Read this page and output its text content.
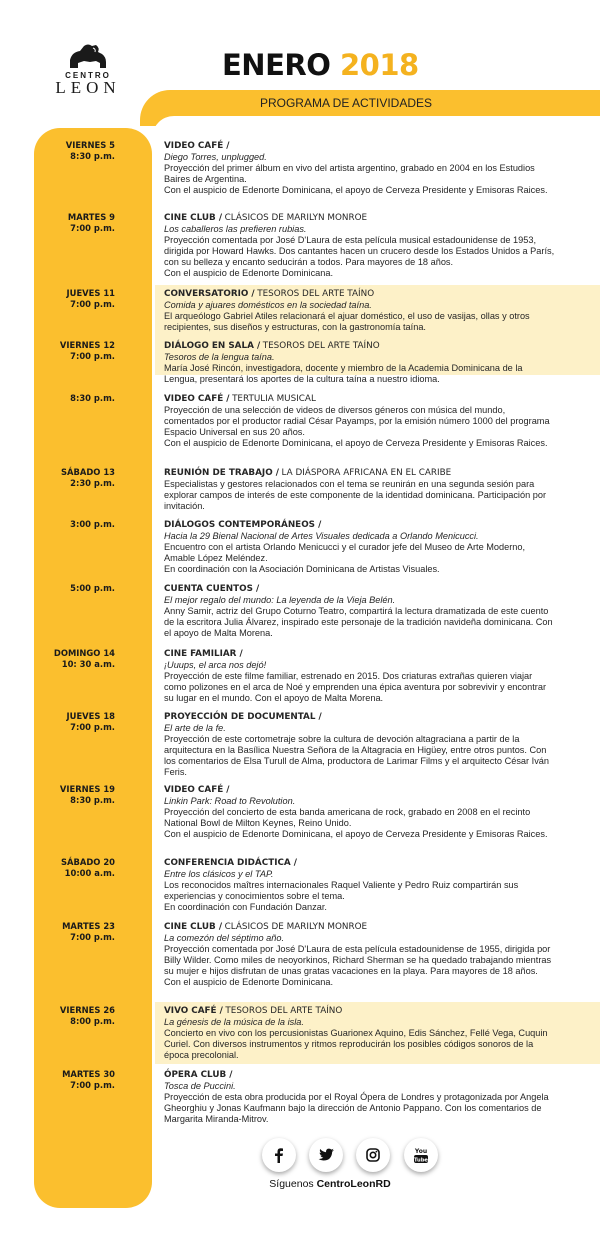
CENTRO
LEON
ENERO 2018
PROGRAMA DE ACTIVIDADES
VIERNES 5
8:30 p.m.
VIDEO CAFÉ /
Diego Torres, unplugged.
Proyección del primer álbum en vivo del artista argentino, grabado en 2004 en los Estudios Baires de Argentina.
Con el auspicio de Edenorte Dominicana, el apoyo de Cerveza Presidente y Emisoras Raices.
MARTES 9
7:00 p.m.
CINE CLUB / CLÁSICOS DE MARILYN MONROE
Los caballeros las prefieren rubias.
Proyección comentada por José D'Laura de esta película musical estadounidense de 1953, dirigida por Howard Hawks. Dos cantantes hacen un crucero desde los Estados Unidos a París, con su belleza y encanto seducirán a todos. Para mayores de 18 años.
Con el auspicio de Edenorte Dominicana.
JUEVES 11
7:00 p.m.
CONVERSATORIO / TESOROS DEL ARTE TAÍNO
Comida y ajuares domésticos en la sociedad taína.
El arqueólogo Gabriel Atiles relacionará el ajuar doméstico, el uso de vasijas, ollas y otros recipientes, sus diseños y estructuras, con la gastronomía taína.
VIERNES 12
7:00 p.m.
DIÁLOGO EN SALA / TESOROS DEL ARTE TAÍNO
Tesoros de la lengua taína.
María José Rincón, investigadora, docente y miembro de la Academia Dominicana de la Lengua, presentará los aportes de la cultura taína a nuestro idioma.
8:30 p.m.	VIDEO CAFÉ / TERTULIA MUSICAL
Proyección de una selección de videos de diversos géneros con música del mundo, comentados por el productor radial César Payamps, por la emisión número 1000 del programa Espacio Universal en sus 20 años.
Con el auspicio de Edenorte Dominicana, el apoyo de Cerveza Presidente y Emisoras Raices.
SÁBADO 13
2:30 p.m.
REUNIÓN DE TRABAJO / LA DIÁSPORA AFRICANA EN EL CARIBE
Especialistas y gestores relacionados con el tema se reunirán en una segunda sesión para explorar campos de interés de este componente de la identidad dominicana. Participación por invitación.
3:00 p.m.	DIÁLOGOS CONTEMPORÁNEOS /
Hacia la 29 Bienal Nacional de Artes Visuales dedicada a Orlando Menicucci.
Encuentro con el artista Orlando Menicucci y el curador jefe del Museo de Arte Moderno, Amable López Meléndez.
En coordinación con la Asociación Dominicana de Artistas Visuales.
5:00 p.m.	CUENTA CUENTOS /
El mejor regalo del mundo: La leyenda de la Vieja Belén.
Anny Samir, actriz del Grupo Coturno Teatro, compartirá la lectura dramatizada de este cuento de la escritora Julia Álvarez, inspirado este personaje de la tradición navideña dominicana. Con el apoyo de Malta Morena.
DOMINGO 14
10: 30 a.m.
CINE FAMILIAR /
¡Uuups, el arca nos dejó!
Proyección de este filme familiar, estrenado en 2015. Dos criaturas extrañas quieren viajar como polizones en el arca de Noé y emprenden una épica aventura por sobrevivir y encontrar su lugar en el mundo. Con el apoyo de Malta Morena.
JUEVES 18
7:00 p.m.
PROYECCIÓN DE DOCUMENTAL /
El arte de la fe.
Proyección de este cortometraje sobre la cultura de devoción altagraciana a partir de la arquitectura en la Basílica Nuestra Señora de la Altagracia en Higüey, entre otros puntos. Con los comentarios de Elsa Turull de Alma, productora de Larimar Films y el arquitecto César Iván Feris.
VIERNES 19
8:30 p.m.
VIDEO CAFÉ /
Linkin Park: Road to Revolution.
Proyección del concierto de esta banda americana de rock, grabado en 2008 en el recinto National Bowl de Milton Keynes, Reino Unido.
Con el auspicio de Edenorte Dominicana, el apoyo de Cerveza Presidente y Emisoras Raices.
SÁBADO 20
10:00 a.m.
CONFERENCIA DIDÁCTICA /
Entre los clásicos y el TAP.
Los reconocidos maîtres internacionales Raquel Valiente y Pedro Ruiz compartirán sus experiencias y conocimientos sobre el tema.
En coordinación con Fundación Danzar.
MARTES 23
7:00 p.m.
CINE CLUB / CLÁSICOS DE MARILYN MONROE
La comezón del séptimo año.
Proyección comentada por José D'Laura de esta película estadounidense de 1955, dirigida por Billy Wilder. Como miles de neoyorkinos, Richard Sherman se ha quedado trabajando mientras su mujer e hijos disfrutan de unas gratas vacaciones en la playa. Para mayores de 18 años.
Con el auspicio de Edenorte Dominicana.
VIERNES 26
8:00 p.m.
VIVO CAFÉ / TESOROS DEL ARTE TAÍNO
La génesis de la música de la isla.
Concierto en vivo con los percusionistas Guarionex Aquino, Edis Sánchez, Fellé Vega, Cuquin Curiel. Con diversos instrumentos y ritmos reproducirán los posibles códigos sonoros de la época precolonial.
MARTES 30
7:00 p.m.
ÓPERA CLUB /
Tosca de Puccini.
Proyección de esta obra producida por el Royal Ópera de Londres y protagonizada por Angela Gheorghiu y Jonas Kaufmann bajo la dirección de Antonio Pappano. Con los comentarios de Margarita Miranda-Mitrov.
You
Tube
Síguenos CentroLeonRD
